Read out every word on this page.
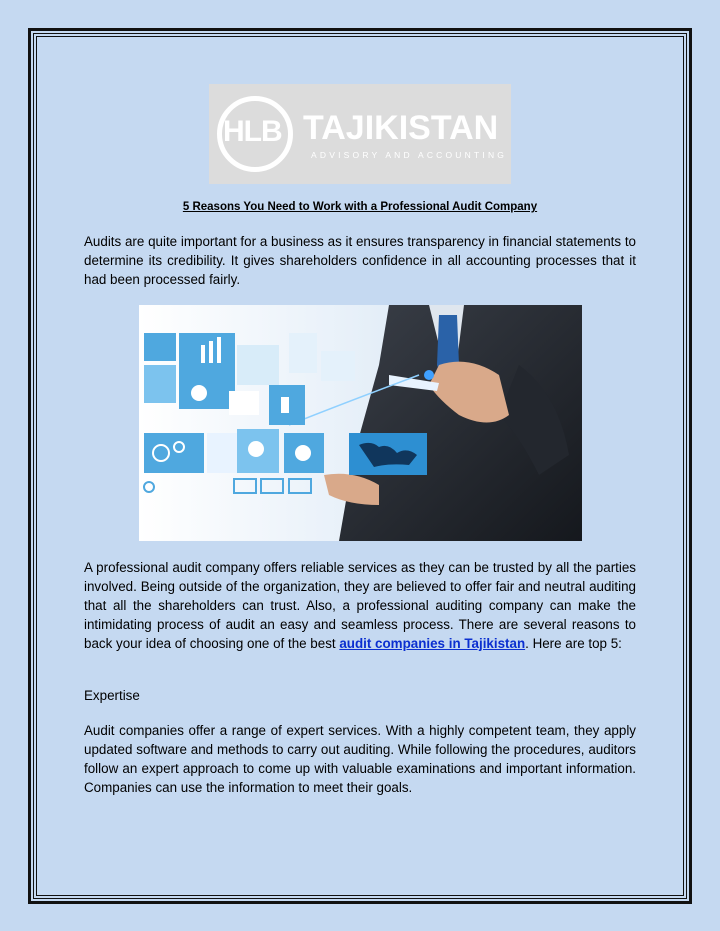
HLB TAJIKISTAN
ADVISORY AND ACCOUNTING
5 Reasons You Need to Work with a Professional Audit Company

Audits are quite important for a business as it ensures transparency in financial statements to determine its credibility. It gives shareholders confidence in all accounting processes that it had been processed fairly.

A professional audit company offers reliable services as they can be trusted by all the parties involved. Being outside of the organization, they are believed to offer fair and neutral auditing that all the shareholders can trust. Also, a professional auditing company can make the intimidating process of audit an easy and seamless process. There are several reasons to back your idea of choosing one of the best audit companies in Tajikistan. Here are top 5:

Expertise

Audit companies offer a range of expert services. With a highly competent team, they apply updated software and methods to carry out auditing. While following the procedures, auditors follow an expert approach to come up with valuable examinations and important information. Companies can use the information to meet their goals.
